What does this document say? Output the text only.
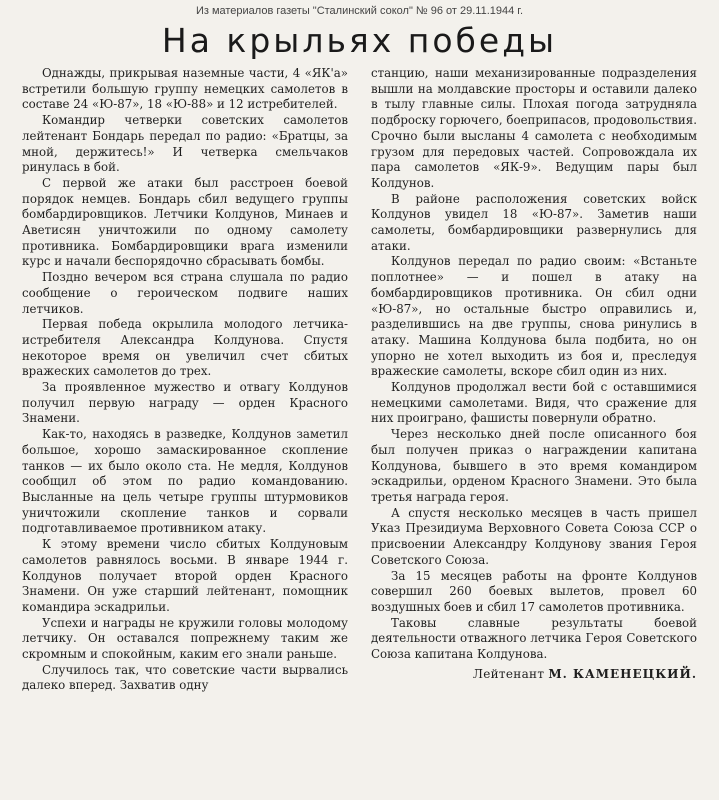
Из материалов газеты "Сталинский сокол" № 96 от 29.11.1944 г.
На крыльях победы

Однажды, прикрывая наземные части, 4 «ЯК'а» встретили большую группу немецких самолетов в составе 24 «Ю-87», 18 «Ю-88» и 12 истребителей.

Командир четверки советских самолетов лейтенант Бондарь передал по радио: «Братцы, за мной, держитесь!» И четверка смельчаков ринулась в бой.

С первой же атаки был расстроен боевой порядок немцев. Бондарь сбил ведущего группы бомбардировщиков. Летчики Колдунов, Минаев и Аветисян уничтожили по одному самолету противника. Бомбардировщики врага изменили курс и начали беспорядочно сбрасывать бомбы.

Поздно вечером вся страна слушала по радио сообщение о героическом подвиге наших летчиков.

Первая победа окрылила молодого летчика-истребителя Александра Колдунова. Спустя некоторое время он увеличил счет сбитых вражеских самолетов до трех.

За проявленное мужество и отвагу Колдунов получил первую награду — орден Красного Знамени.

Как-то, находясь в разведке, Колдунов заметил большое, хорошо замаскированное скопление танков — их было около ста. Не медля, Колдунов сообщил об этом по радио командованию. Высланные на цель четыре группы штурмовиков уничтожили скопление танков и сорвали подготавливаемое противником атаку.

К этому времени число сбитых Колдуновым самолетов равнялось восьми. В январе 1944 г. Колдунов получает второй орден Красного Знамени. Он уже старший лейтенант, помощник командира эскадрильи.

Успехи и награды не кружили головы молодому летчику. Он оставался попрежнему таким же скромным и спокойным, каким его знали раньше.

Случилось так, что советские части вырвались далеко вперед. Захватив одну

станцию, наши механизированные подразделения вышли на молдавские просторы и оставили далеко в тылу главные силы. Плохая погода затрудняла подброску горючего, боеприпасов, продовольствия. Срочно были высланы 4 самолета с необходимым грузом для передовых частей. Сопровождала их пара самолетов «ЯК-9». Ведущим пары был Колдунов.

В районе расположения советских войск Колдунов увидел 18 «Ю-87». Заметив наши самолеты, бомбардировщики развернулись для атаки.

Колдунов передал по радио своим: «Встаньте поплотнее» — и пошел в атаку на бомбардировщиков противника. Он сбил одни «Ю-87», но остальные быстро оправились и, разделившись на две группы, снова ринулись в атаку. Машина Колдунова была подбита, но он упорно не хотел выходить из боя и, преследуя вражеские самолеты, вскоре сбил один из них.

Колдунов продолжал вести бой с оставшимися немецкими самолетами. Видя, что сражение для них проиграно, фашисты повернули обратно.

Через несколько дней после описанного боя был получен приказ о награждении капитана Колдунова, бывшего в это время командиром эскадрильи, орденом Красного Знамени. Это была третья награда героя.

А спустя несколько месяцев в часть пришел Указ Президиума Верховного Совета Союза ССР о присвоении Александру Колдунову звания Героя Советского Союза.

За 15 месяцев работы на фронте Колдунов совершил 260 боевых вылетов, провел 60 воздушных боев и сбил 17 самолетов противника.

Таковы славные результаты боевой деятельности отважного летчика Героя Советского Союза капитана Колдунова.

Лейтенант М. КАМЕНЕЦКИЙ.
